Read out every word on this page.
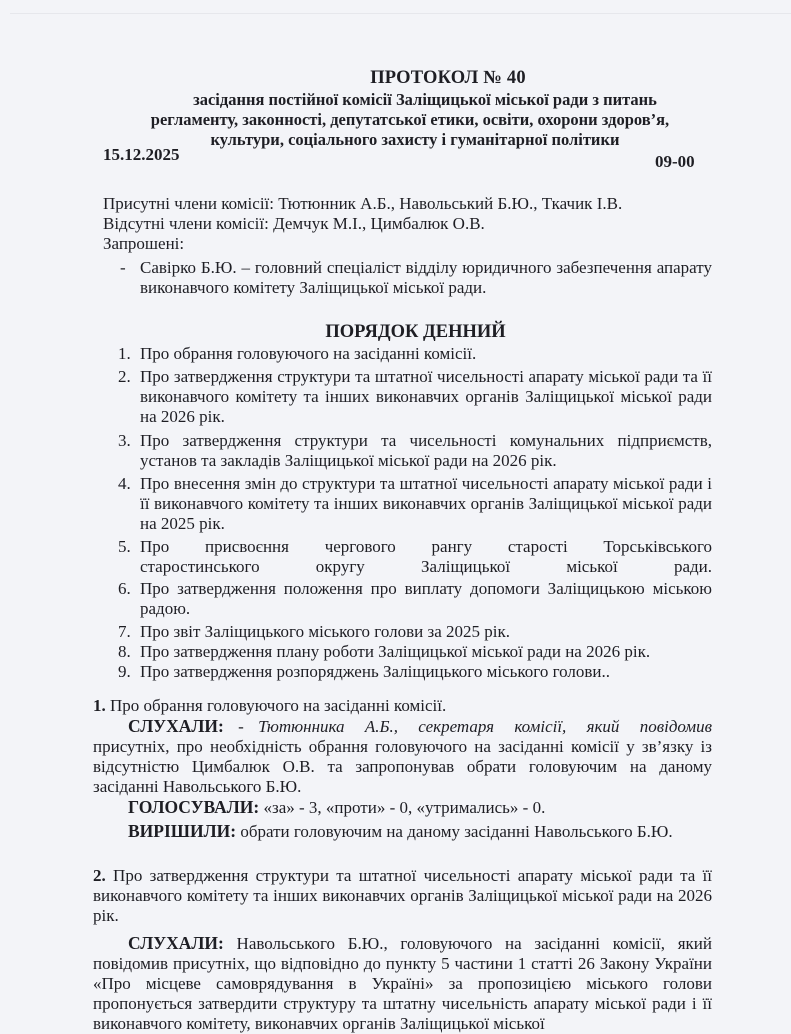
ПРОТОКОЛ № 40
засідання постійної комісії Заліщицької міської ради з питань
регламенту, законності, депутатської етики, освіти, охорони здоров’я,
культури, соціального захисту і гуманітарної політики
15.12.2025	09-00
Присутні члени комісії: Тютюнник А.Б., Навольський Б.Ю., Ткачик І.В.
Відсутні члени комісії: Демчук М.І., Цимбалюк О.В.
Запрошені:
- Савірко Б.Ю. – головний спеціаліст відділу юридичного забезпечення апарату виконавчого комітету Заліщицької міської ради.
ПОРЯДОК ДЕННИЙ
1. Про обрання головуючого на засіданні комісії.
2. Про затвердження структури та штатної чисельності апарату міської ради та її виконавчого комітету та інших виконавчих органів Заліщицької міської ради на 2026 рік.
3. Про затвердження структури та чисельності комунальних підприємств, установ та закладів Заліщицької міської ради на 2026 рік.
4. Про внесення змін до структури та штатної чисельності апарату міської ради і її виконавчого комітету та інших виконавчих органів Заліщицької міської ради на 2025 рік.
5. Про присвоєння чергового рангу старості Торськівського старостинського округу Заліщицької міської ради.
6. Про затвердження положення про виплату допомоги Заліщицькою міською радою.
7. Про звіт Заліщицького міського голови за 2025 рік.
8. Про затвердження плану роботи Заліщицької міської ради на 2026 рік.
9. Про затвердження розпоряджень Заліщицького міського голови..
1. Про обрання головуючого на засіданні комісії.
СЛУХАЛИ: - Тютюнника А.Б., секретаря комісії, який повідомив присутніх, про необхідність обрання головуючого на засіданні комісії у зв’язку із відсутністю Цимбалюк О.В. та запропонував обрати головуючим на даному засіданні Навольського Б.Ю.
ГОЛОСУВАЛИ: «за» - 3, «проти» - 0, «утримались» - 0.
ВИРІШИЛИ: обрати головуючим на даному засіданні Навольського Б.Ю.
2. Про затвердження структури та штатної чисельності апарату міської ради та її виконавчого комітету та інших виконавчих органів Заліщицької міської ради на 2026 рік.
СЛУХАЛИ: Навольського Б.Ю., головуючого на засіданні комісії, який повідомив присутніх, що відповідно до пункту 5 частини 1 статті 26 Закону України «Про місцеве самоврядування в Україні» за пропозицією міського голови пропонується затвердити структуру та штатну чисельність апарату міської ради і її виконавчого комітету, виконавчих органів Заліщицької міської
